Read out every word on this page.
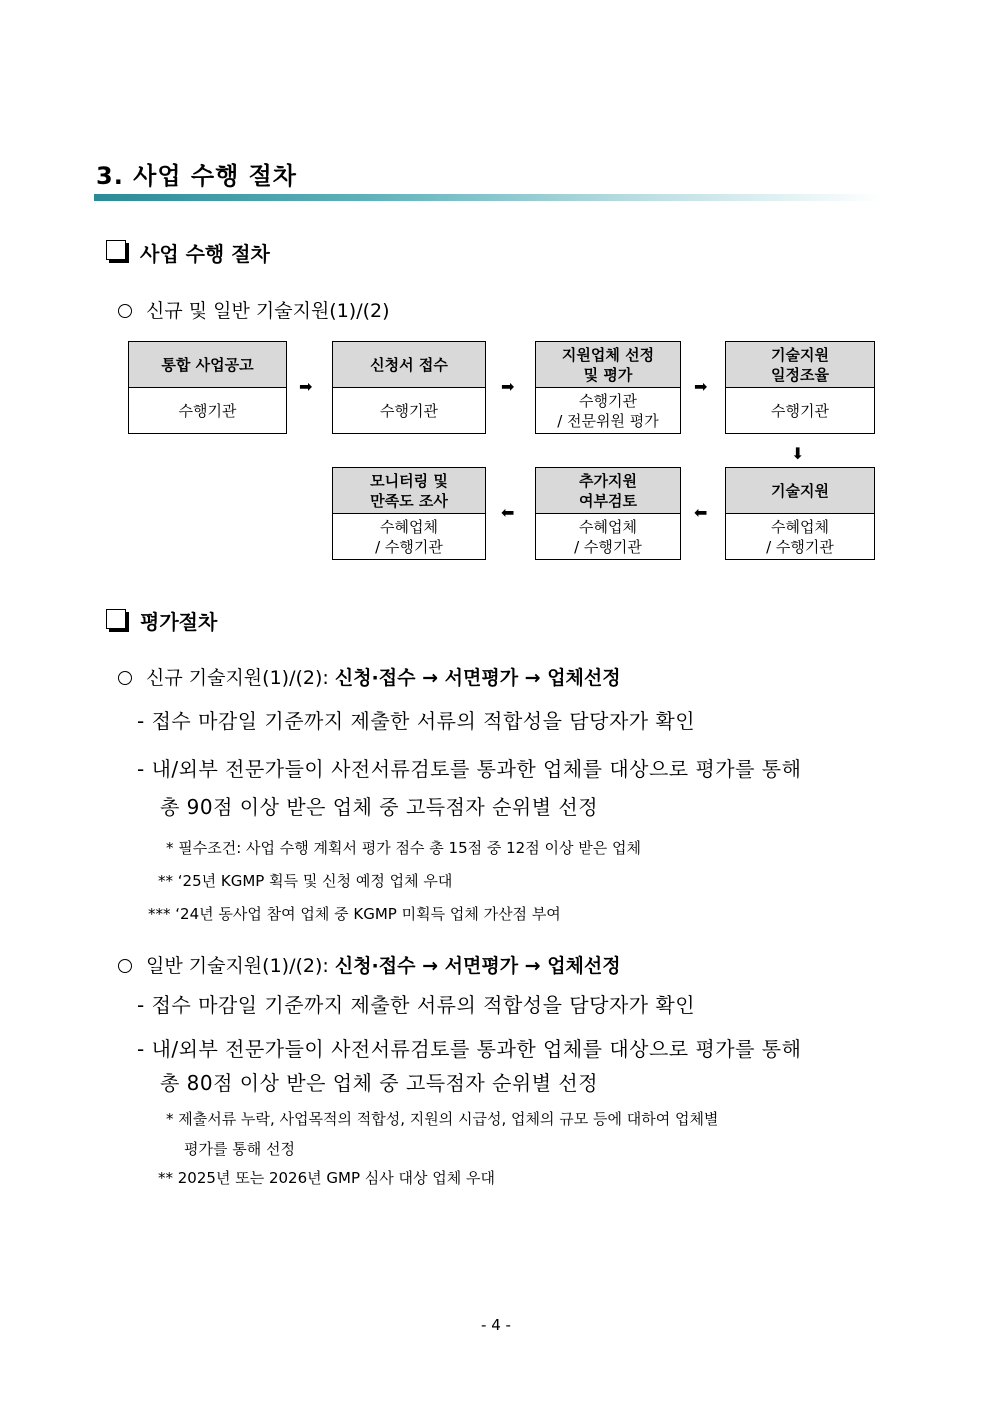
3. 사업 수행 절차
사업 수행 절차
신규 및 일반 기술지원(1)/(2)
통합 사업공고
수행기관
➡
신청서 접수
수행기관
➡
지원업체 선정
및 평가
수행기관
/ 전문위원 평가
➡
기술지원
일정조율
수행기관
⬇
기술지원
수혜업체
/ 수행기관
⬅
추가지원
여부검토
수혜업체
/ 수행기관
⬅
모니터링 및
만족도 조사
수혜업체
/ 수행기관
평가절차
신규 기술지원(1)/(2): 신청·접수 → 서면평가 → 업체선정
- 접수 마감일 기준까지 제출한 서류의 적합성을 담당자가 확인
- 내/외부 전문가들이 사전서류검토를 통과한 업체를 대상으로 평가를 통해
총 90점 이상 받은 업체 중 고득점자 순위별 선정
* 필수조건: 사업 수행 계획서 평가 점수 총 15점 중 12점 이상 받은 업체
** ‘25년 KGMP 획득 및 신청 예정 업체 우대
*** ‘24년 동사업 참여 업체 중 KGMP 미획득 업체 가산점 부여
일반 기술지원(1)/(2): 신청·접수 → 서면평가 → 업체선정
- 접수 마감일 기준까지 제출한 서류의 적합성을 담당자가 확인
- 내/외부 전문가들이 사전서류검토를 통과한 업체를 대상으로 평가를 통해
총 80점 이상 받은 업체 중 고득점자 순위별 선정
* 제출서류 누락, 사업목적의 적합성, 지원의 시급성, 업체의 규모 등에 대하여 업체별
평가를 통해 선정
** 2025년 또는 2026년 GMP 심사 대상 업체 우대
- 4 -
